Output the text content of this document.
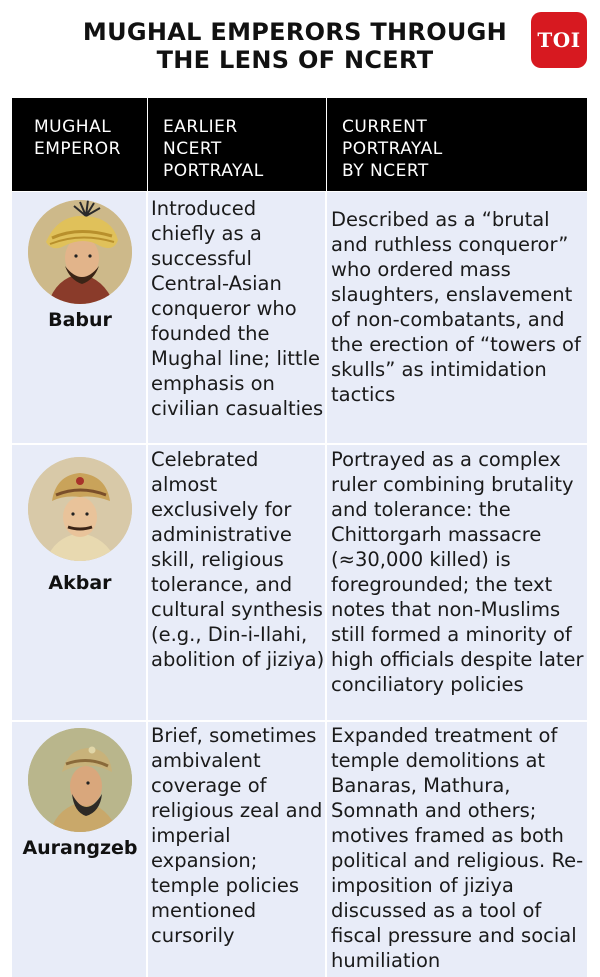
MUGHAL EMPERORS THROUGH
THE LENS OF NCERT
TOI
MUGHAL
EMPEROR
EARLIER
NCERT
PORTRAYAL
CURRENT
PORTRAYAL
BY NCERT
Babur
Introduced chiefly as a successful Central-Asian conqueror who founded the Mughal line; little emphasis on civilian casualties
Described as a “brutal and ruthless conqueror” who ordered mass slaughters, enslavement of non-combatants, and the erection of “towers of skulls” as intimidation tactics
Akbar
Celebrated almost exclusively for administrative skill, religious tolerance, and cultural synthesis (e.g., Din-i-Ilahi, abolition of jiziya)
Portrayed as a complex ruler combining brutality and tolerance: the Chittorgarh massacre (≈30,000 killed) is foregrounded; the text notes that non-Muslims still formed a minority of high officials despite later conciliatory policies
Aurangzeb
Brief, sometimes ambivalent coverage of religious zeal and imperial expansion; temple policies mentioned cursorily
Expanded treatment of temple demolitions at Banaras, Mathura, Somnath and others; motives framed as both political and religious. Re-imposition of jiziya discussed as a tool of fiscal pressure and social humiliation
